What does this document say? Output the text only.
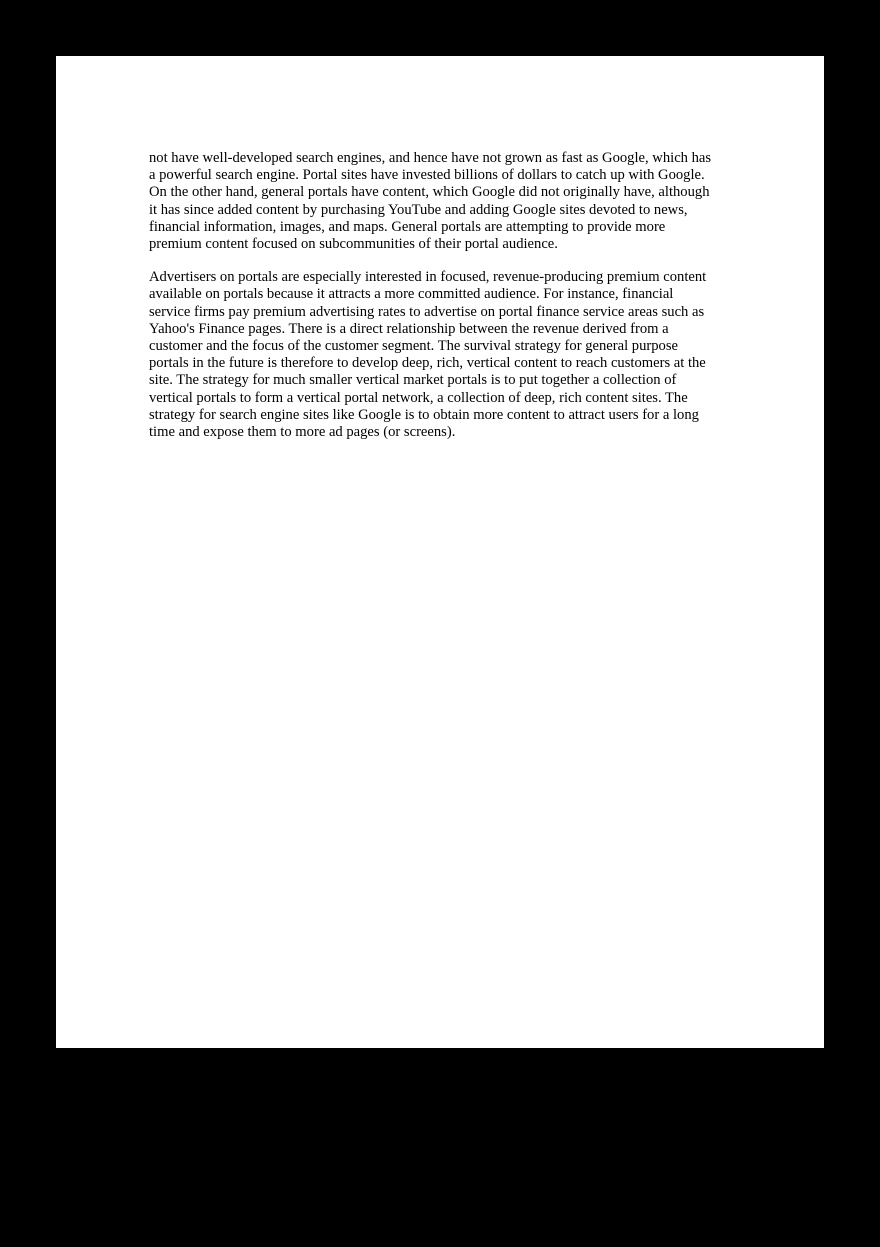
not have well-developed search engines, and hence have not grown as fast as Google, which has
a powerful search engine. Portal sites have invested billions of dollars to catch up with Google.
On the other hand, general portals have content, which Google did not originally have, although
it has since added content by purchasing YouTube and adding Google sites devoted to news,
financial information, images, and maps. General portals are attempting to provide more
premium content focused on subcommunities of their portal audience.

Advertisers on portals are especially interested in focused, revenue-producing premium content
available on portals because it attracts a more committed audience. For instance, financial
service firms pay premium advertising rates to advertise on portal finance service areas such as
Yahoo's Finance pages. There is a direct relationship between the revenue derived from a
customer and the focus of the customer segment. The survival strategy for general purpose
portals in the future is therefore to develop deep, rich, vertical content to reach customers at the
site. The strategy for much smaller vertical market portals is to put together a collection of
vertical portals to form a vertical portal network, a collection of deep, rich content sites. The
strategy for search engine sites like Google is to obtain more content to attract users for a long
time and expose them to more ad pages (or screens).
